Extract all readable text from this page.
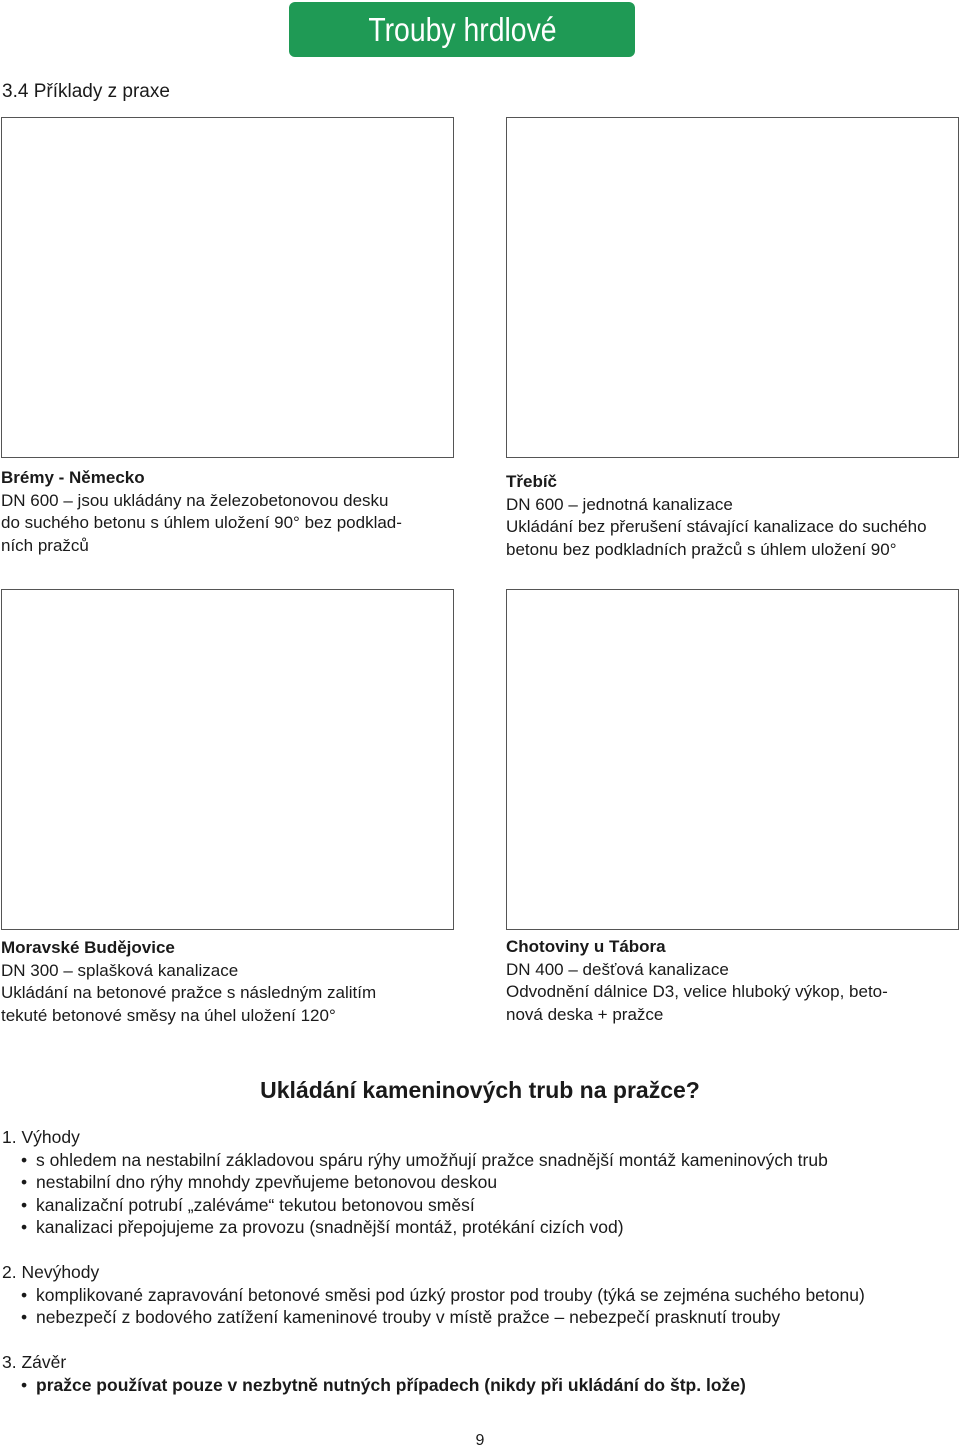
Trouby hrdlové
3.4 Příklady z praxe
Brémy - Německo
DN 600 – jsou ukládány na železobetonovou desku
do suchého betonu s úhlem uložení 90° bez podklad-
ních pražců
Třebíč
DN 600 – jednotná kanalizace
Ukládání bez přerušení stávající kanalizace do suchého
betonu bez podkladních pražců s úhlem uložení 90°
Moravské Budějovice
DN 300 – splašková kanalizace
Ukládání na betonové pražce s následným zalitím
tekuté betonové směsy na úhel uložení 120°
Chotoviny u Tábora
DN 400 – dešťová kanalizace
Odvodnění dálnice D3, velice hluboký výkop, beto-
nová deska + pražce
Ukládání kameninových trub na pražce?
1. Výhody
• s ohledem na nestabilní základovou spáru rýhy umožňují pražce snadnější montáž kameninových trub
• nestabilní dno rýhy mnohdy zpevňujeme betonovou deskou
• kanalizační potrubí „zaléváme“ tekutou betonovou směsí
• kanalizaci přepojujeme za provozu (snadnější montáž, protékání cizích vod)
2. Nevýhody
• komplikované zapravování betonové směsi pod úzký prostor pod trouby (týká se zejména suchého betonu)
• nebezpečí z bodového zatížení kameninové trouby v místě pražce – nebezpečí prasknutí trouby
3. Závěr
• pražce používat pouze v nezbytně nutných případech (nikdy při ukládání do štp. lože)
9
